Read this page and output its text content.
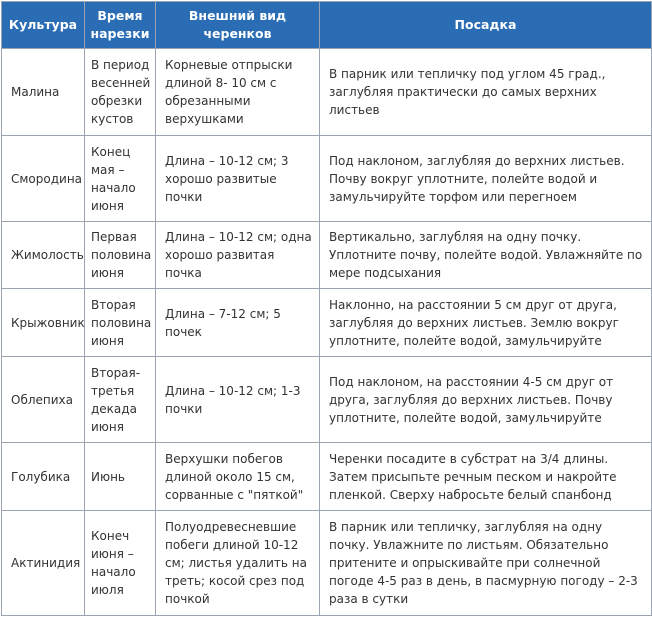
Культура	Время нарезки	Внешний вид черенков	Посадка
Малина	В период весенней обрезки кустов	Корневые отпрыски длиной 8- 10 см с обрезанными верхушками	В парник или тепличку под углом 45 град., заглубляя практически до самых верхних листьев
Смородина	Конец мая – начало июня	Длина – 10-12 см; 3 хорошо развитые почки	Под наклоном, заглубляя до верхних листьев. Почву вокруг уплотните, полейте водой и замульчируйте торфом или перегноем
Жимолость	Первая половина июня	Длина – 10-12 см; одна хорошо развитая почка	Вертикально, заглубляя на одну почку. Уплотните почву, полейте водой. Увлажняйте по мере подсыхания
Крыжовник	Вторая половина июня	Длина – 7-12 см; 5 почек	Наклонно, на расстоянии 5 см друг от друга, заглубляя до верхних листьев. Землю вокруг уплотните, полейте водой, замульчируйте
Облепиха	Вторая-третья декада июня	Длина – 10-12 см; 1-3 почки	Под наклоном, на расстоянии 4-5 см друг от друга, заглубляя до верхних листьев. Почву уплотните, полейте водой, замульчируйте
Голубика	Июнь	Верхушки побегов длиной около 15 см, сорванные с "пяткой"	Черенки посадите в субстрат на 3/4 длины. Затем присыпьте речным песком и накройте пленкой. Сверху набросьте белый спанбонд
Актинидия	Конеч июня – начало июля	Полуодревесневшие побеги длиной 10-12 см; листья удалить на треть; косой срез под почкой	В парник или тепличку, заглубляя на одну почку. Увлажните по листьям. Обязательно притените и опрыскивайте при солнечной погоде 4-5 раз в день, в пасмурную погоду – 2-3 раза в сутки
